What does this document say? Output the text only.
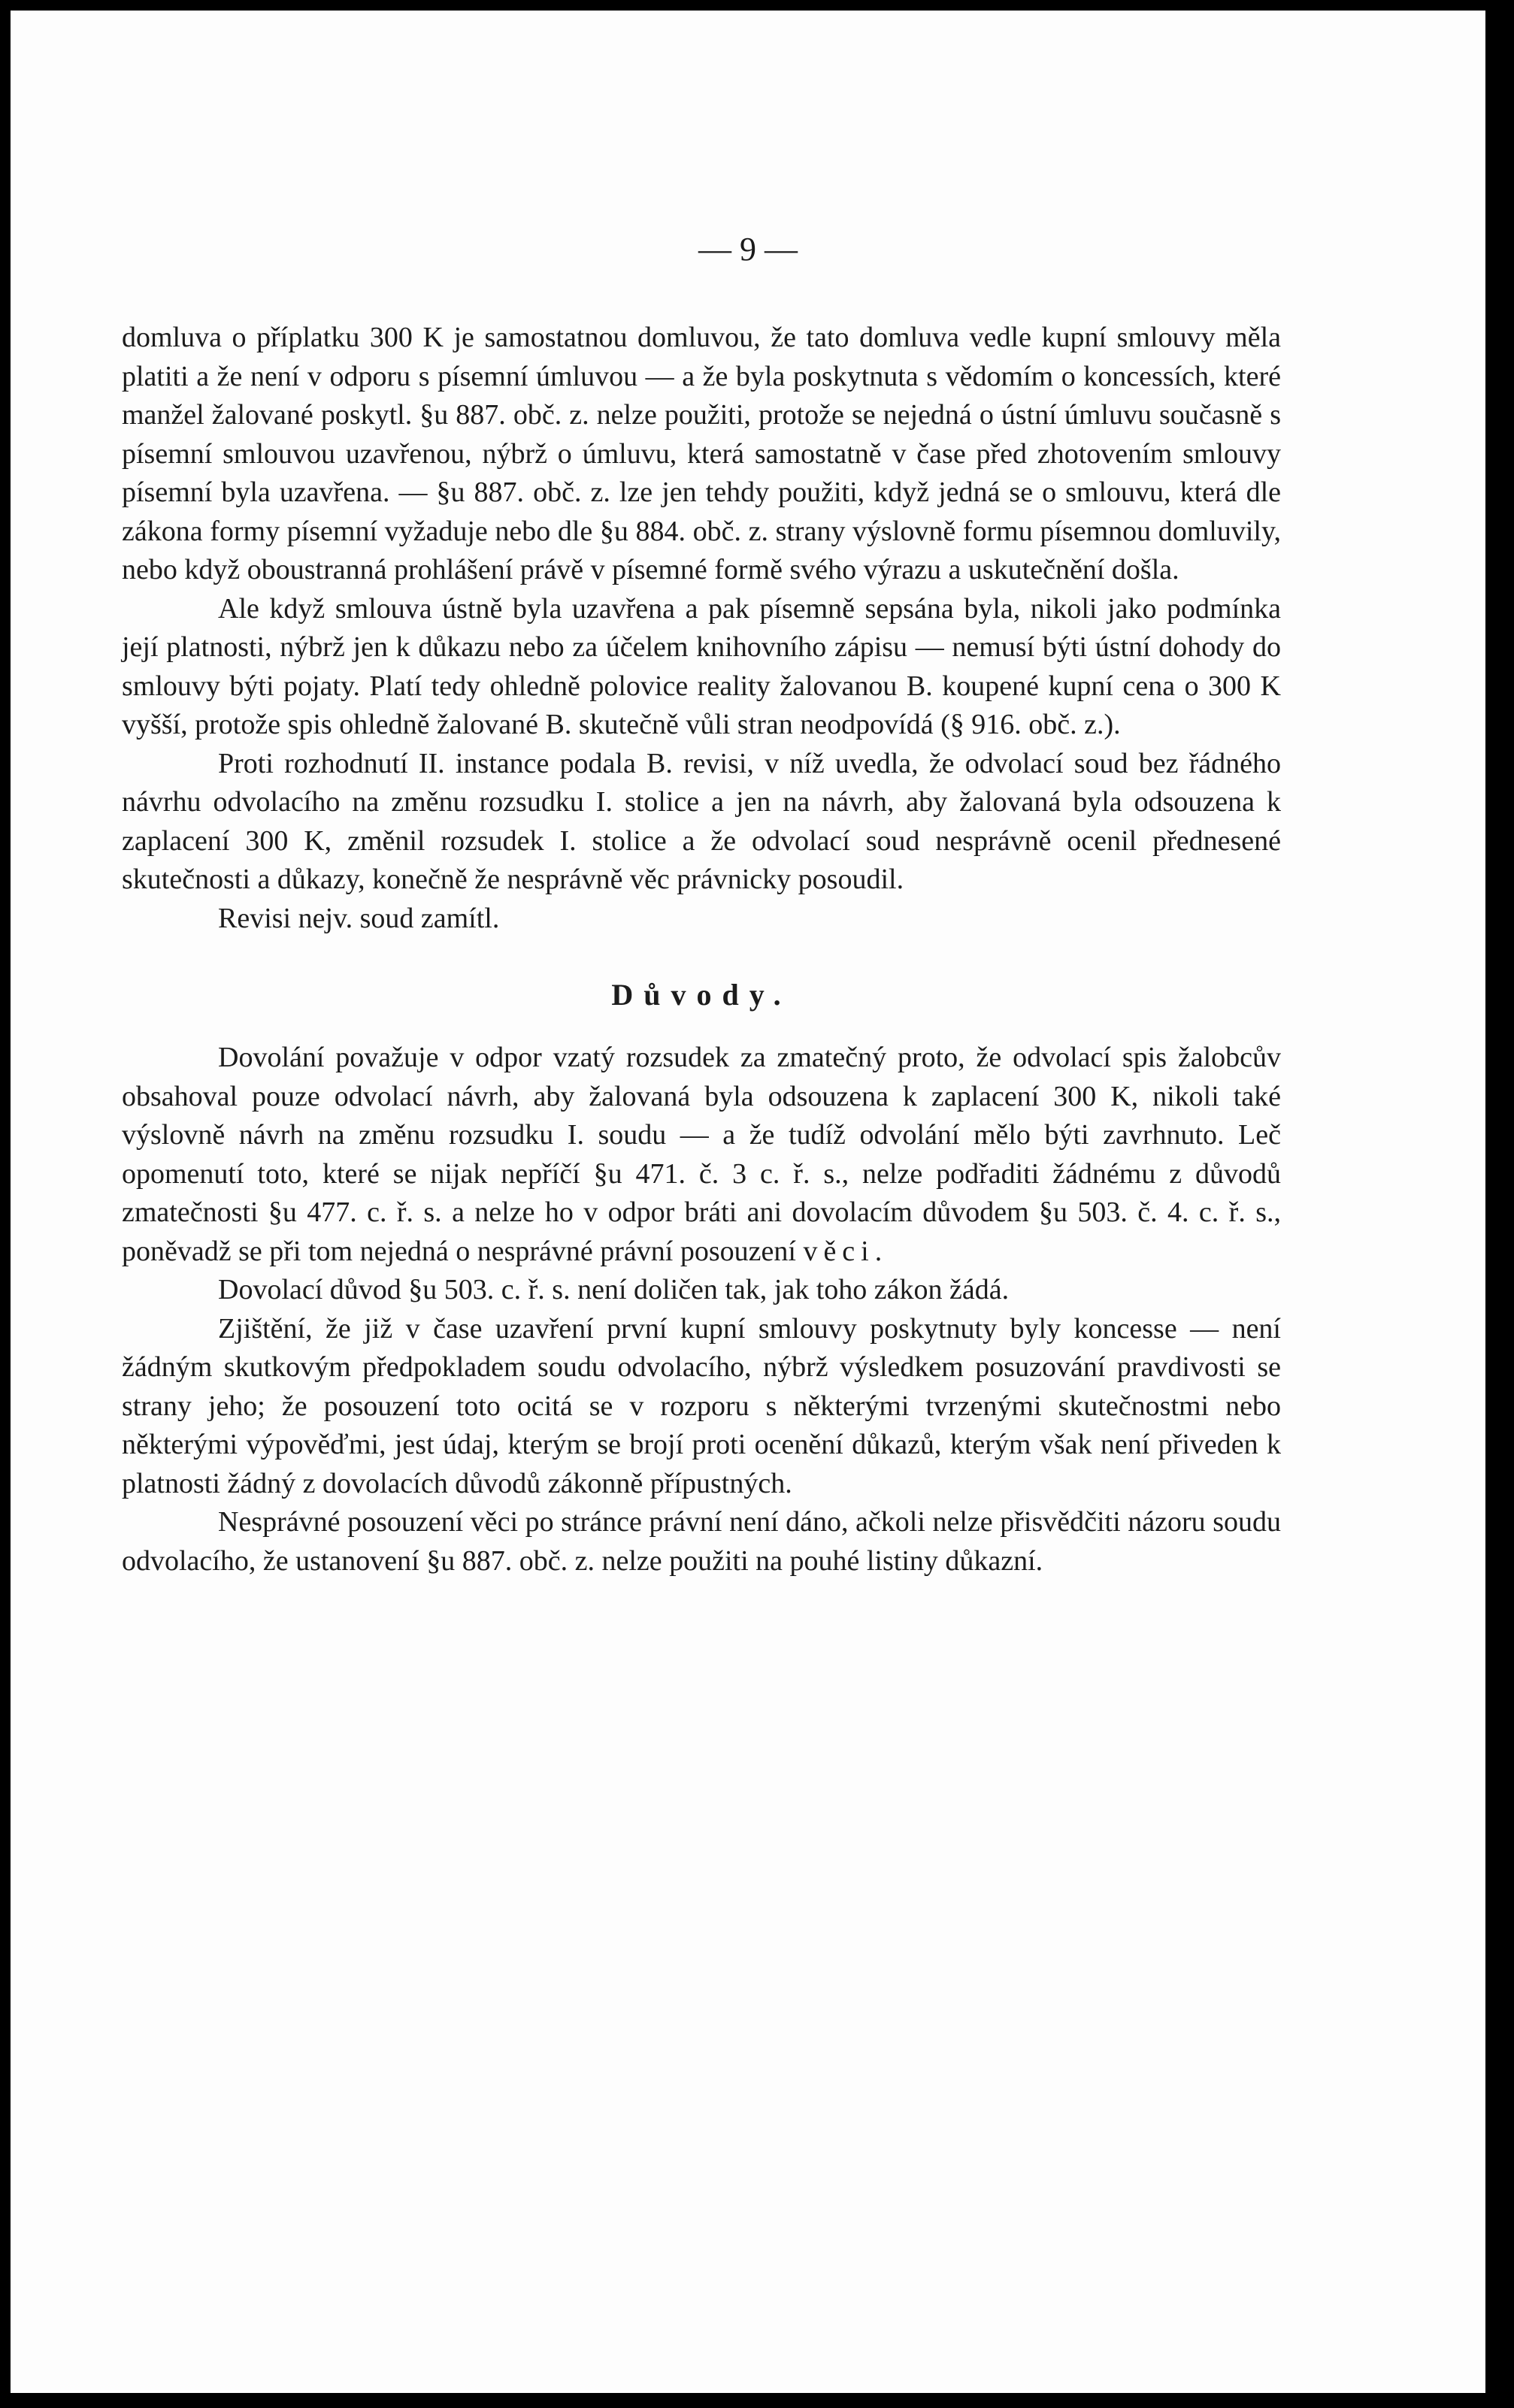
— 9 —

domluva o příplatku 300 K je samostatnou domluvou, že tato domluva vedle kupní smlouvy měla platiti a že není v odporu s písemní úmluvou — a že byla poskytnuta s vědomím o koncessích, které manžel žalované poskytl. §u 887. obč. z. nelze použiti, protože se nejedná o ústní úmluvu současně s písemní smlouvou uzavřenou, nýbrž o úmluvu, která samostatně v čase před zhotovením smlouvy písemní byla uzavřena. — §u 887. obč. z. lze jen tehdy použiti, když jedná se o smlouvu, která dle zákona formy písemní vyžaduje nebo dle §u 884. obč. z. strany výslovně formu písemnou domluvily, nebo když oboustranná prohlášení právě v písemné formě svého výrazu a uskutečnění došla.

Ale když smlouva ústně byla uzavřena a pak písemně sepsána byla, nikoli jako podmínka její platnosti, nýbrž jen k důkazu nebo za účelem knihovního zápisu — nemusí býti ústní dohody do smlouvy býti pojaty. Platí tedy ohledně polovice reality žalovanou B. koupené kupní cena o 300 K vyšší, protože spis ohledně žalované B. skutečně vůli stran neodpovídá (§ 916. obč. z.).

Proti rozhodnutí II. instance podala B. revisi, v níž uvedla, že odvolací soud bez řádného návrhu odvolacího na změnu rozsudku I. stolice a jen na návrh, aby žalovaná byla odsouzena k zaplacení 300 K, změnil rozsudek I. stolice a že odvolací soud nesprávně ocenil přednesené skutečnosti a důkazy, konečně že nesprávně věc právnicky posoudil.

Revisi nejv. soud zamítl.

Důvody.

Dovolání považuje v odpor vzatý rozsudek za zmatečný proto, že odvolací spis žalobcův obsahoval pouze odvolací návrh, aby žalovaná byla odsouzena k zaplacení 300 K, nikoli také výslovně návrh na změnu rozsudku I. soudu — a že tudíž odvolání mělo býti zavrhnuto. Leč opomenutí toto, které se nijak nepříčí §u 471. č. 3 c. ř. s., nelze podřaditi žádnému z důvodů zmatečnosti §u 477. c. ř. s. a nelze ho v odpor bráti ani dovolacím důvodem §u 503. č. 4. c. ř. s., poněvadž se při tom nejedná o nesprávné právní posouzení věci.

Dovolací důvod §u 503. c. ř. s. není doličen tak, jak toho zákon žádá.

Zjištění, že již v čase uzavření první kupní smlouvy poskytnuty byly koncesse — není žádným skutkovým předpokladem soudu odvolacího, nýbrž výsledkem posuzování pravdivosti se strany jeho; že posouzení toto ocitá se v rozporu s některými tvrzenými skutečnostmi nebo některými výpověďmi, jest údaj, kterým se brojí proti ocenění důkazů, kterým však není přiveden k platnosti žádný z dovolacích důvodů zákonně přípustných.

Nesprávné posouzení věci po stránce právní není dáno, ačkoli nelze přisvědčiti názoru soudu odvolacího, že ustanovení §u 887. obč. z. nelze použiti na pouhé listiny důkazní.
